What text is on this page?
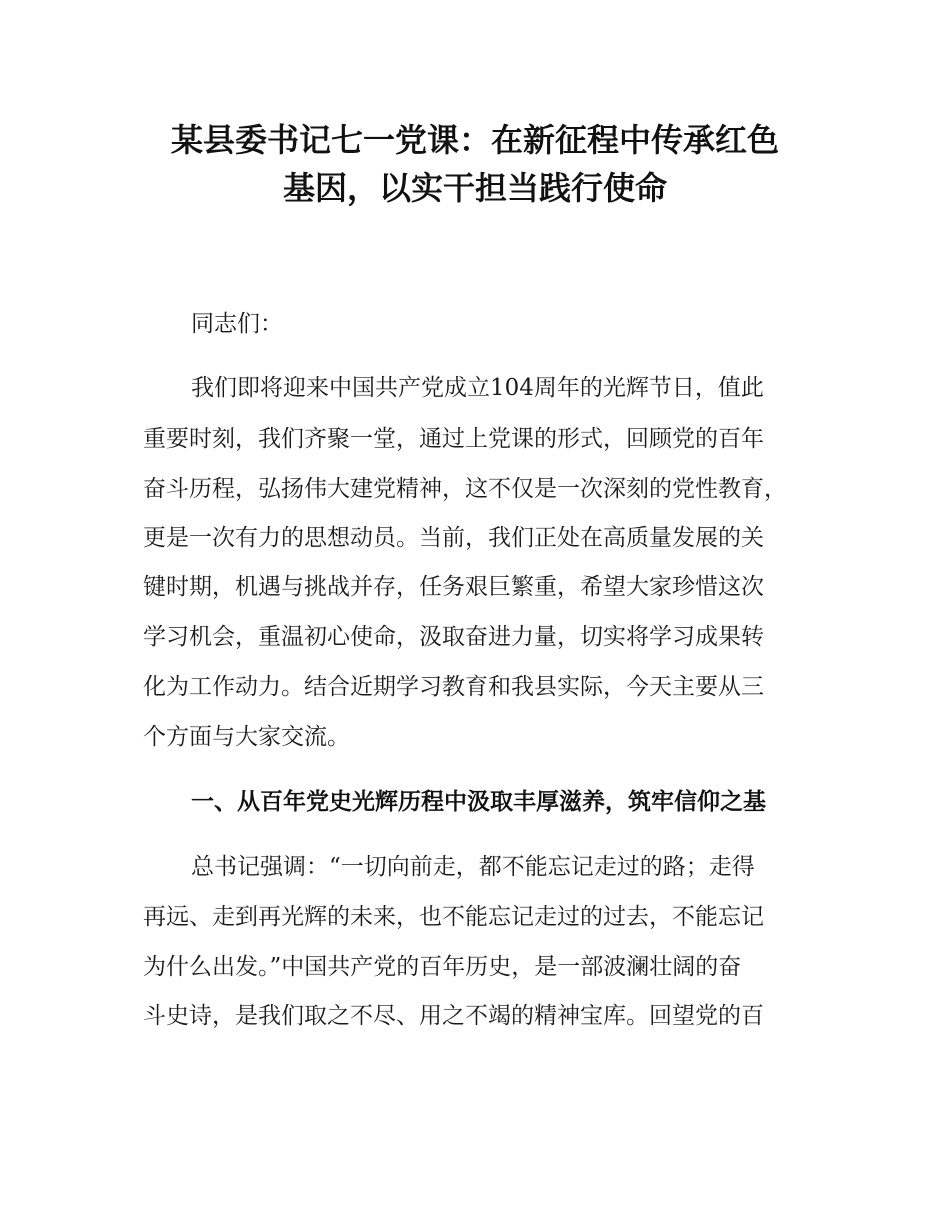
某县委书记七一党课：在新征程中传承红色
基因，以实干担当践行使命
同志们：
我们即将迎来中国共产党成立104周年的光辉节日，值此
重要时刻，我们齐聚一堂，通过上党课的形式，回顾党的百年
奋斗历程，弘扬伟大建党精神，这不仅是一次深刻的党性教育，
更是一次有力的思想动员。当前，我们正处在高质量发展的关
键时期，机遇与挑战并存，任务艰巨繁重，希望大家珍惜这次
学习机会，重温初心使命，汲取奋进力量，切实将学习成果转
化为工作动力。结合近期学习教育和我县实际，今天主要从三
个方面与大家交流。
一、从百年党史光辉历程中汲取丰厚滋养，筑牢信仰之基
总书记强调：“一切向前走，都不能忘记走过的路；走得
再远、走到再光辉的未来，也不能忘记走过的过去，不能忘记
为什么出发。”中国共产党的百年历史，是一部波澜壮阔的奋
斗史诗，是我们取之不尽、用之不竭的精神宝库。回望党的百
